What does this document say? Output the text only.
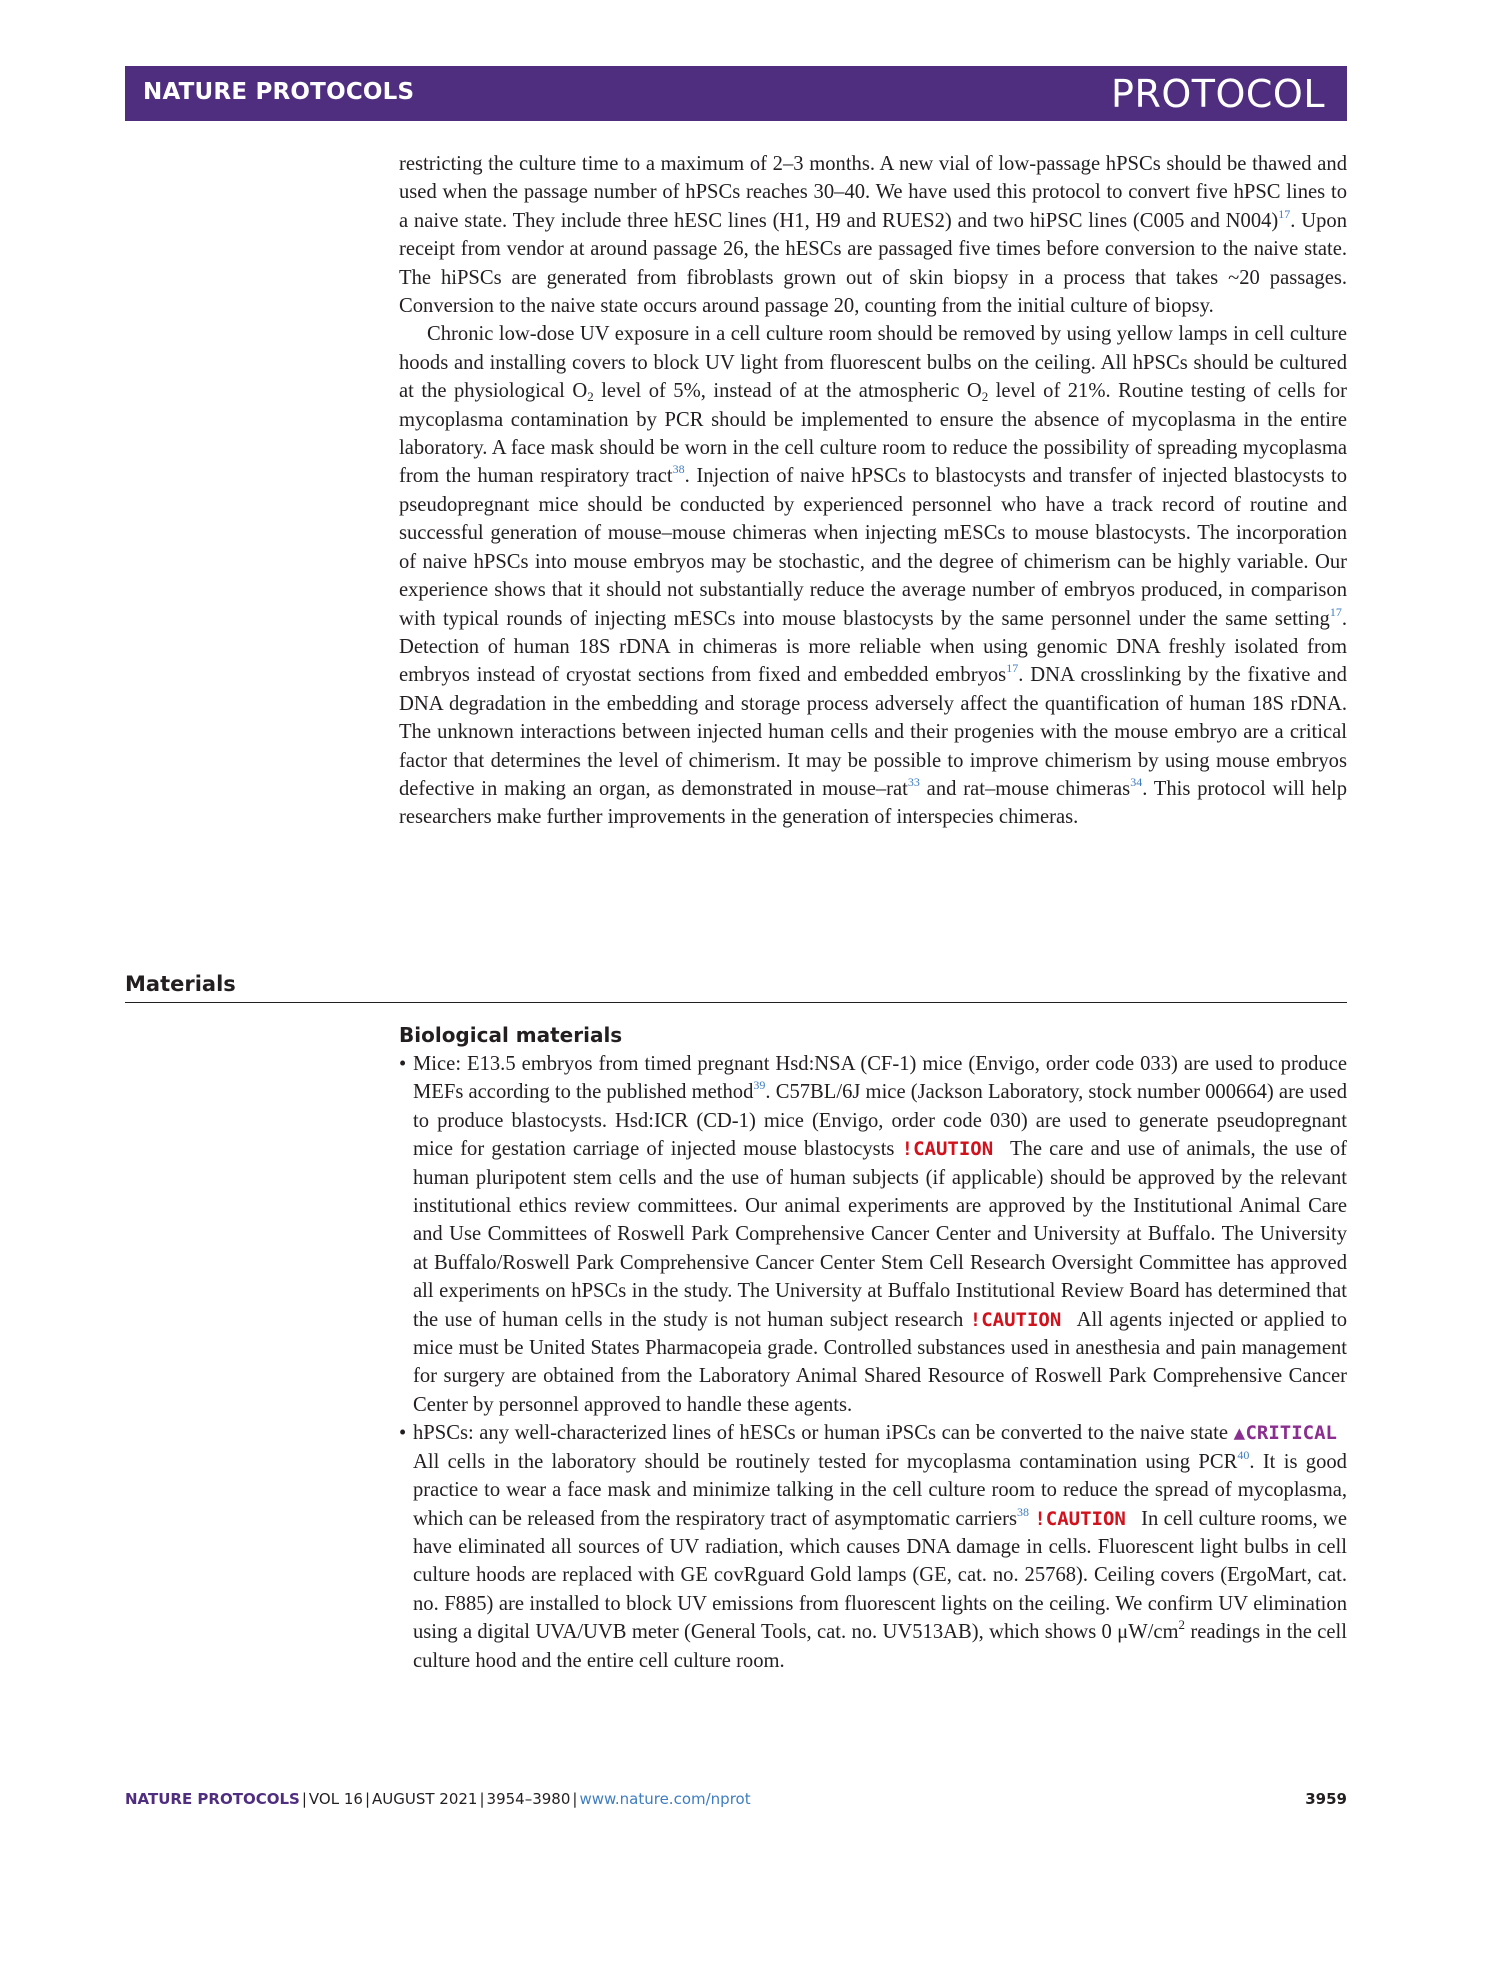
NATURE PROTOCOLS	PROTOCOL

restricting the culture time to a maximum of 2–3 months. A new vial of low-passage hPSCs should be thawed and used when the passage number of hPSCs reaches 30–40. We have used this protocol to convert five hPSC lines to a naive state. They include three hESC lines (H1, H9 and RUES2) and two hiPSC lines (C005 and N004)$^{17}$. Upon receipt from vendor at around passage 26, the hESCs are passaged five times before conversion to the naive state. The hiPSCs are generated from fibroblasts grown out of skin biopsy in a process that takes ~20 passages. Conversion to the naive state occurs around passage 20, counting from the initial culture of biopsy.

Chronic low-dose UV exposure in a cell culture room should be removed by using yellow lamps in cell culture hoods and installing covers to block UV light from fluorescent bulbs on the ceiling. All hPSCs should be cultured at the physiological $O_2$ level of 5%, instead of at the atmospheric $O_2$ level of 21%. Routine testing of cells for mycoplasma contamination by PCR should be implemented to ensure the absence of mycoplasma in the entire laboratory. A face mask should be worn in the cell culture room to reduce the possibility of spreading mycoplasma from the human respiratory tract$^{38}$. Injection of naive hPSCs to blastocysts and transfer of injected blastocysts to pseudopregnant mice should be conducted by experienced personnel who have a track record of routine and successful generation of mouse–mouse chimeras when injecting mESCs to mouse blastocysts. The incorporation of naive hPSCs into mouse embryos may be stochastic, and the degree of chimerism can be highly variable. Our experience shows that it should not substantially reduce the average number of embryos produced, in comparison with typical rounds of injecting mESCs into mouse blastocysts by the same personnel under the same setting$^{17}$. Detection of human 18S rDNA in chimeras is more reliable when using genomic DNA freshly isolated from embryos instead of cryostat sections from fixed and embedded embryos$^{17}$. DNA crosslinking by the fixative and DNA degradation in the embedding and storage process adversely affect the quantification of human 18S rDNA. The unknown interactions between injected human cells and their progenies with the mouse embryo are a critical factor that determines the level of chimerism. It may be possible to improve chimerism by using mouse embryos defective in making an organ, as demonstrated in mouse–rat$^{33}$ and rat–mouse chimeras$^{34}$. This protocol will help researchers make further improvements in the generation of interspecies chimeras.

Materials
Biological materials

• Mice: E13.5 embryos from timed pregnant Hsd:NSA (CF-1) mice (Envigo, order code 033) are used to produce MEFs according to the published method$^{39}$. C57BL/6J mice (Jackson Laboratory, stock number 000664) are used to produce blastocysts. Hsd:ICR (CD-1) mice (Envigo, order code 030) are used to generate pseudopregnant mice for gestation carriage of injected mouse blastocysts !CAUTION The care and use of animals, the use of human pluripotent stem cells and the use of human subjects (if applicable) should be approved by the relevant institutional ethics review committees. Our animal experiments are approved by the Institutional Animal Care and Use Committees of Roswell Park Comprehensive Cancer Center and University at Buffalo. The University at Buffalo/Roswell Park Comprehensive Cancer Center Stem Cell Research Oversight Committee has approved all experiments on hPSCs in the study. The University at Buffalo Institutional Review Board has determined that the use of human cells in the study is not human subject research !CAUTION All agents injected or applied to mice must be United States Pharmacopeia grade. Controlled substances used in anesthesia and pain management for surgery are obtained from the Laboratory Animal Shared Resource of Roswell Park Comprehensive Cancer Center by personnel approved to handle these agents.

• hPSCs: any well-characterized lines of hESCs or human iPSCs can be converted to the naive state ▲CRITICAL All cells in the laboratory should be routinely tested for mycoplasma contamination using PCR$^{40}$. It is good practice to wear a face mask and minimize talking in the cell culture room to reduce the spread of mycoplasma, which can be released from the respiratory tract of asymptomatic carriers$^{38}$ !CAUTION In cell culture rooms, we have eliminated all sources of UV radiation, which causes DNA damage in cells. Fluorescent light bulbs in cell culture hoods are replaced with GE covRguard Gold lamps (GE, cat. no. 25768). Ceiling covers (ErgoMart, cat. no. F885) are installed to block UV emissions from fluorescent lights on the ceiling. We confirm UV elimination using a digital UVA/UVB meter (General Tools, cat. no. UV513AB), which shows 0 $\mu W/cm^2$ readings in the cell culture hood and the entire cell culture room.

NATURE PROTOCOLS | VOL 16 | AUGUST 2021 | 3954–3980 | www.nature.com/nprot	3959
